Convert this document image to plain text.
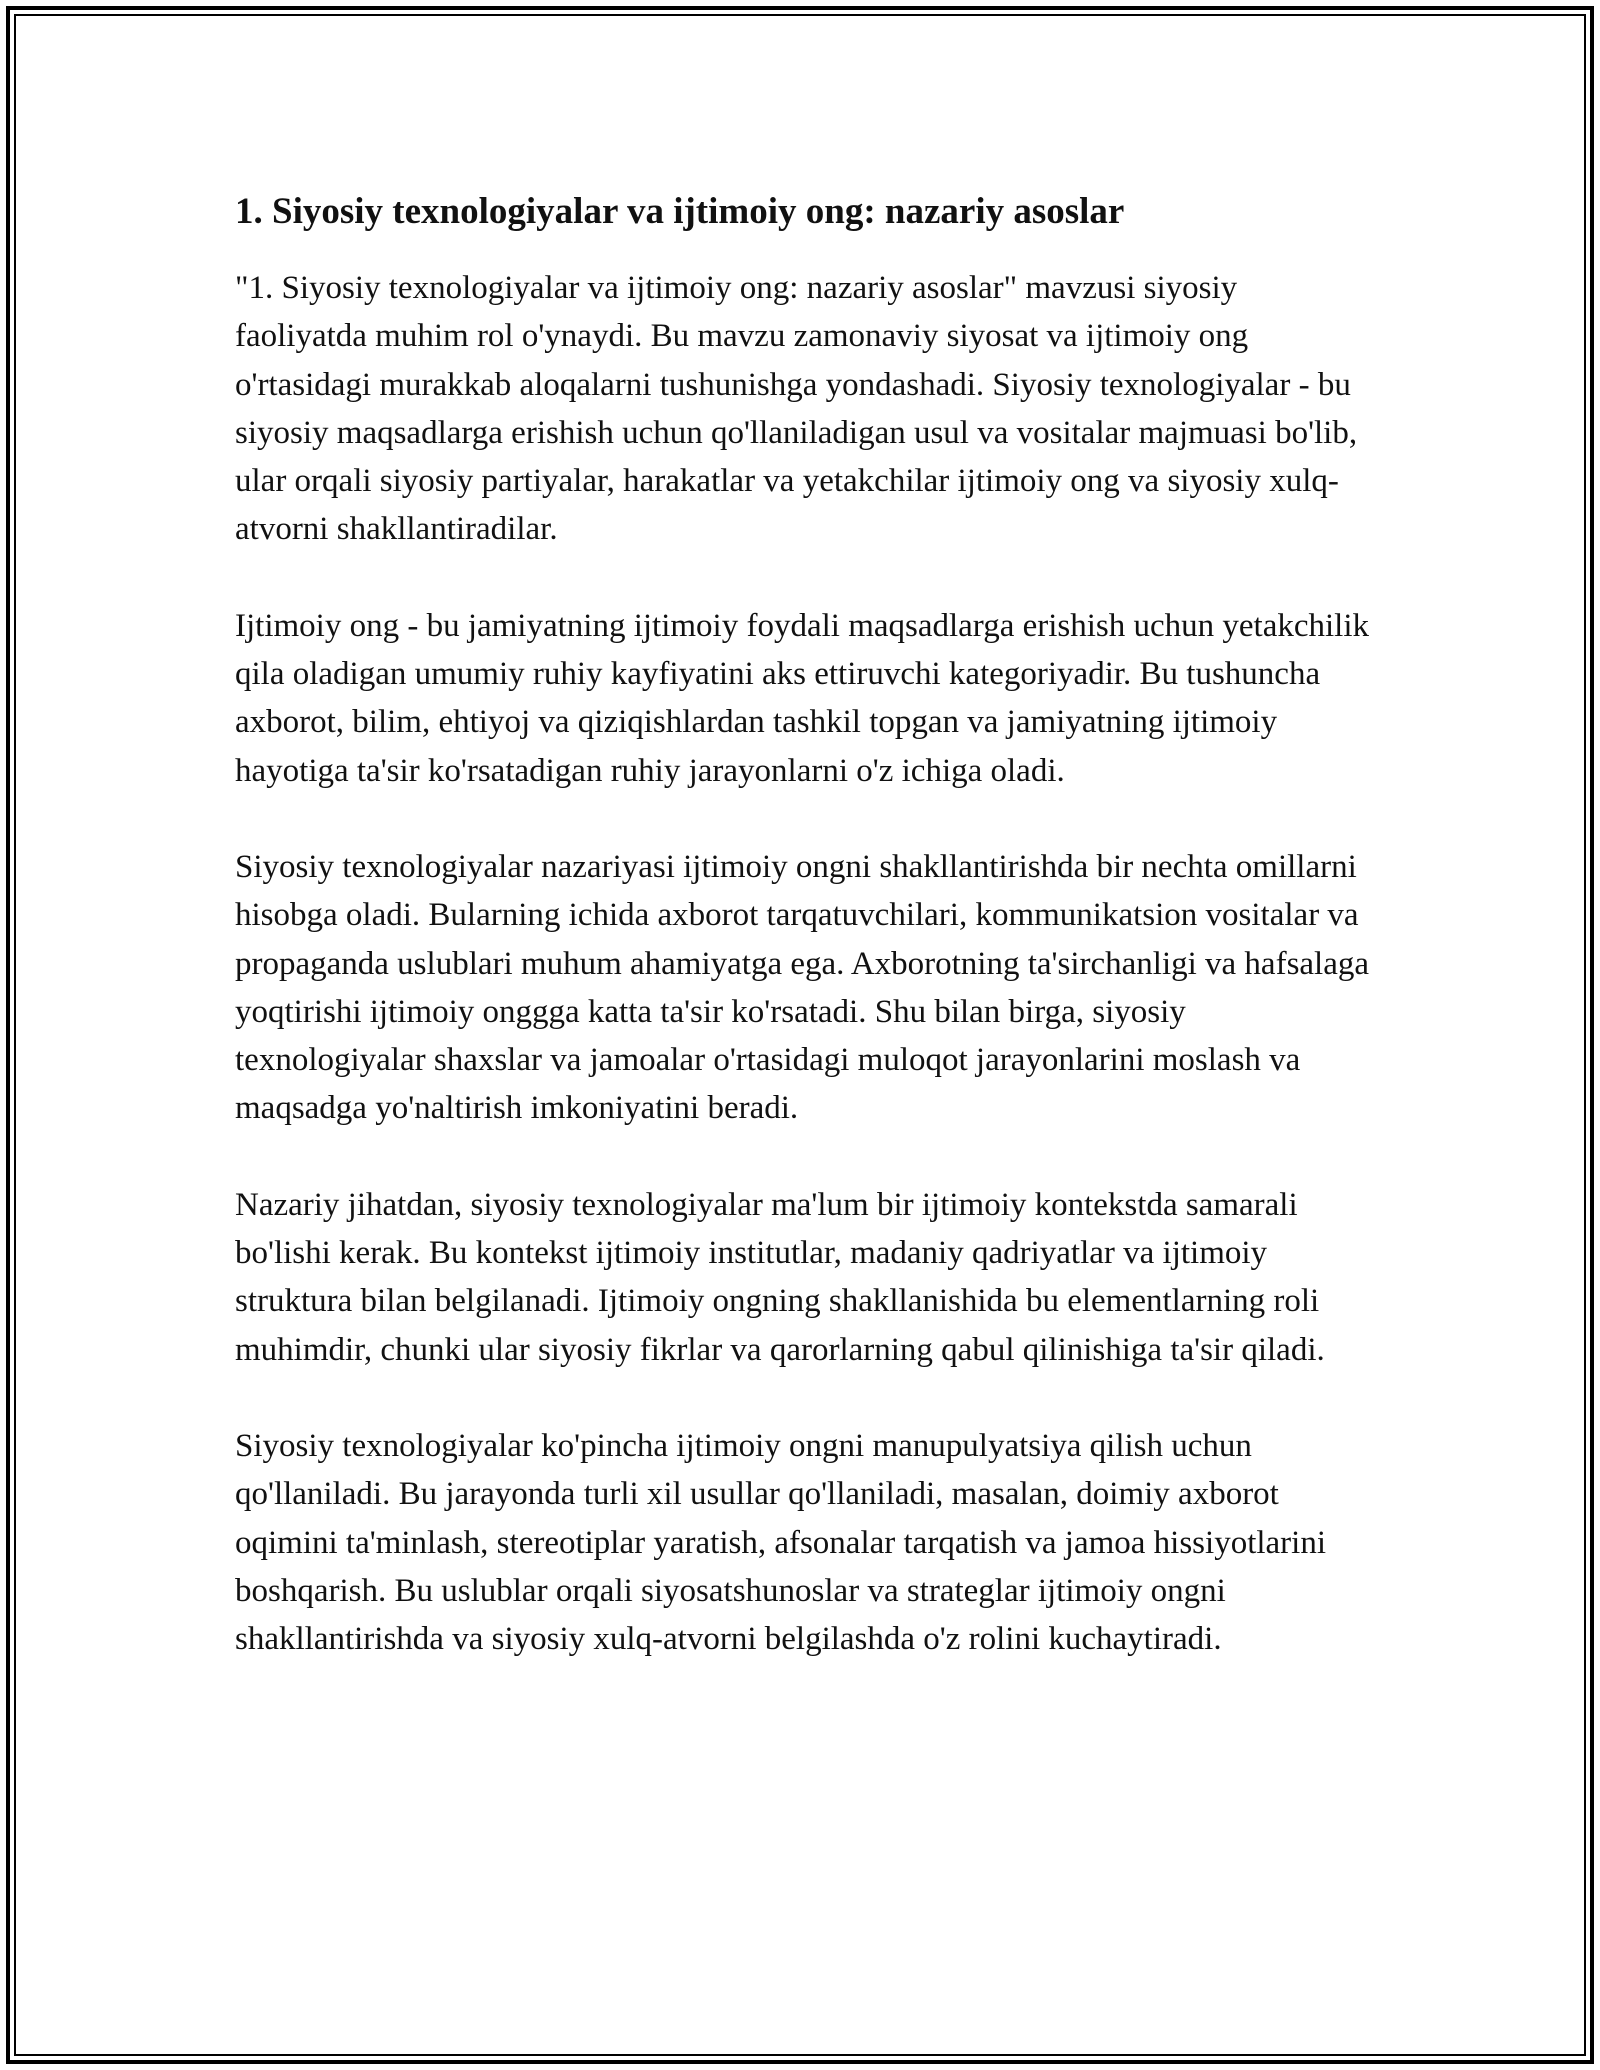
1. Siyosiy texnologiyalar va ijtimoiy ong: nazariy asoslar

"1. Siyosiy texnologiyalar va ijtimoiy ong: nazariy asoslar" mavzusi siyosiy faoliyatda muhim rol o'ynaydi. Bu mavzu zamonaviy siyosat va ijtimoiy ong o'rtasidagi murakkab aloqalarni tushunishga yondashadi. Siyosiy texnologiyalar - bu siyosiy maqsadlarga erishish uchun qo'llaniladigan usul va vositalar majmuasi bo'lib, ular orqali siyosiy partiyalar, harakatlar va yetakchilar ijtimoiy ong va siyosiy xulq-atvorni shakllantiradilar.

Ijtimoiy ong - bu jamiyatning ijtimoiy foydali maqsadlarga erishish uchun yetakchilik qila oladigan umumiy ruhiy kayfiyatini aks ettiruvchi kategoriyadir. Bu tushuncha axborot, bilim, ehtiyoj va qiziqishlardan tashkil topgan va jamiyatning ijtimoiy hayotiga ta'sir ko'rsatadigan ruhiy jarayonlarni o'z ichiga oladi.

Siyosiy texnologiyalar nazariyasi ijtimoiy ongni shakllantirishda bir nechta omillarni hisobga oladi. Bularning ichida axborot tarqatuvchilari, kommunikatsion vositalar va propaganda uslublari muhum ahamiyatga ega. Axborotning ta'sirchanligi va hafsalaga yoqtirishi ijtimoiy onggga katta ta'sir ko'rsatadi. Shu bilan birga, siyosiy texnologiyalar shaxslar va jamoalar o'rtasidagi muloqot jarayonlarini moslash va maqsadga yo'naltirish imkoniyatini beradi.

Nazariy jihatdan, siyosiy texnologiyalar ma'lum bir ijtimoiy kontekstda samarali bo'lishi kerak. Bu kontekst ijtimoiy institutlar, madaniy qadriyatlar va ijtimoiy struktura bilan belgilanadi. Ijtimoiy ongning shakllanishida bu elementlarning roli muhimdir, chunki ular siyosiy fikrlar va qarorlarning qabul qilinishiga ta'sir qiladi.

Siyosiy texnologiyalar ko'pincha ijtimoiy ongni manupulyatsiya qilish uchun qo'llaniladi. Bu jarayonda turli xil usullar qo'llaniladi, masalan, doimiy axborot oqimini ta'minlash, stereotiplar yaratish, afsonalar tarqatish va jamoa hissiyotlarini boshqarish. Bu uslublar orqali siyosatshunoslar va strateglar ijtimoiy ongni shakllantirishda va siyosiy xulq-atvorni belgilashda o'z rolini kuchaytiradi.
